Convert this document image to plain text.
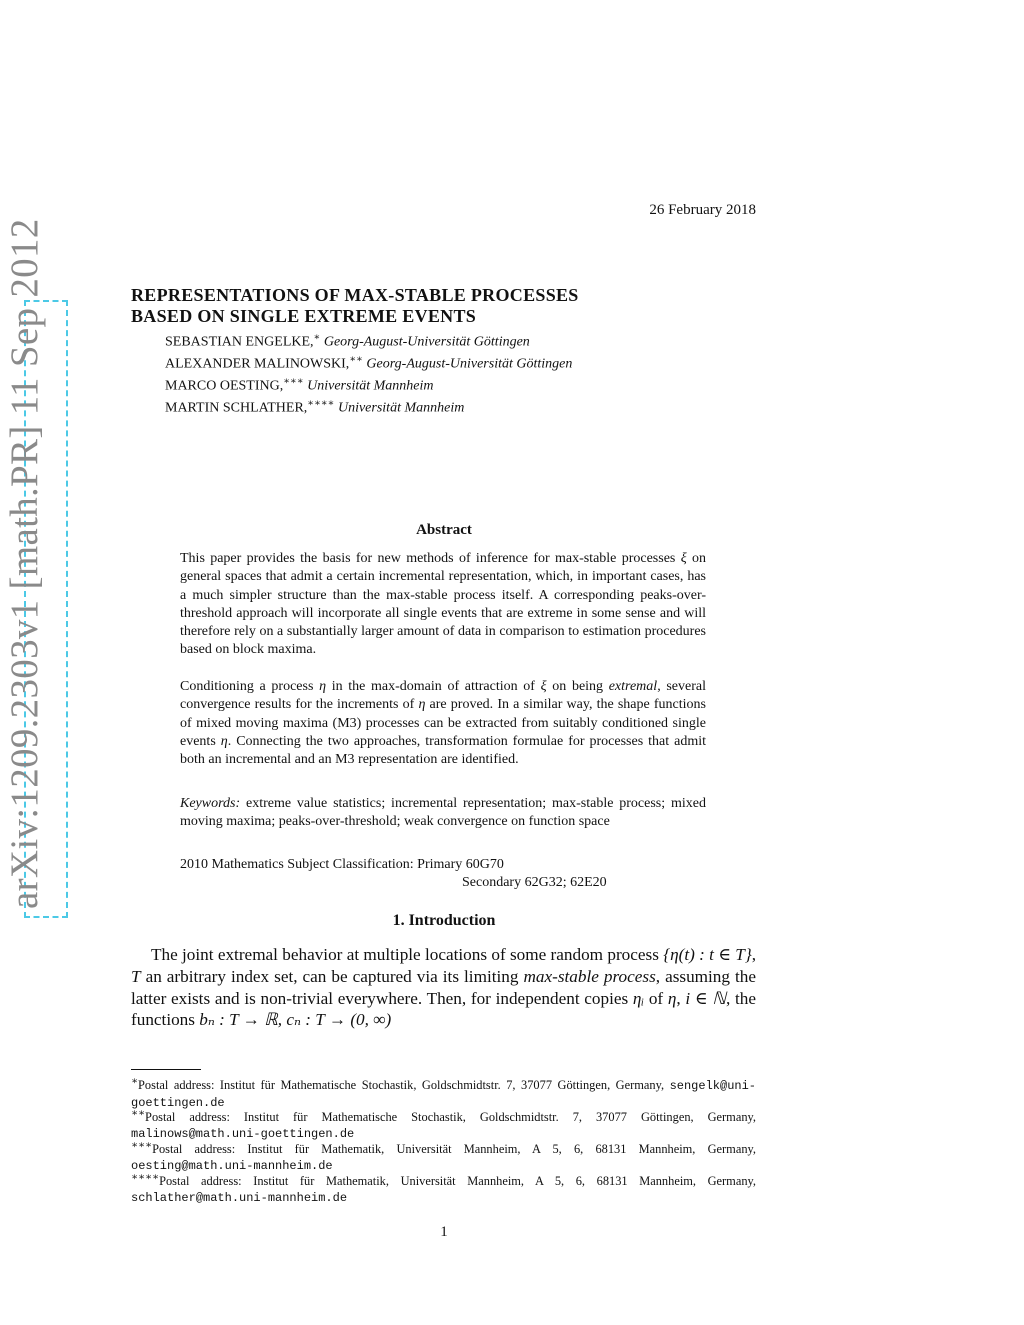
arXiv:1209.2303v1 [math.PR] 11 Sep 2012
26 February 2018
REPRESENTATIONS OF MAX-STABLE PROCESSES
BASED ON SINGLE EXTREME EVENTS
SEBASTIAN ENGELKE,∗ Georg-August-Universität Göttingen
ALEXANDER MALINOWSKI,∗∗ Georg-August-Universität Göttingen
MARCO OESTING,∗∗∗ Universität Mannheim
MARTIN SCHLATHER,∗∗∗∗ Universität Mannheim
Abstract
This paper provides the basis for new methods of inference for max-stable processes ξ on general spaces that admit a certain incremental representation, which, in important cases, has a much simpler structure than the max-stable process itself. A corresponding peaks-over-threshold approach will incorporate all single events that are extreme in some sense and will therefore rely on a substantially larger amount of data in comparison to estimation procedures based on block maxima.
Conditioning a process η in the max-domain of attraction of ξ on being extremal, several convergence results for the increments of η are proved. In a similar way, the shape functions of mixed moving maxima (M3) processes can be extracted from suitably conditioned single events η. Connecting the two approaches, transformation formulae for processes that admit both an incremental and an M3 representation are identified.
Keywords: extreme value statistics; incremental representation; max-stable process; mixed moving maxima; peaks-over-threshold; weak convergence on function space
2010 Mathematics Subject Classification: Primary 60G70
Secondary 62G32; 62E20
1. Introduction
The joint extremal behavior at multiple locations of some random process {η(t) : t ∈ T}, T an arbitrary index set, can be captured via its limiting max-stable process, assuming the latter exists and is non-trivial everywhere. Then, for independent copies ηᵢ of η, i ∈ ℕ, the functions bₙ : T → ℝ, cₙ : T → (0, ∞)
∗Postal address: Institut für Mathematische Stochastik, Goldschmidtstr. 7, 37077 Göttingen, Germany, sengelk@uni-goettingen.de
∗∗Postal address: Institut für Mathematische Stochastik, Goldschmidtstr. 7, 37077 Göttingen, Germany, malinows@math.uni-goettingen.de
∗∗∗Postal address: Institut für Mathematik, Universität Mannheim, A 5, 6, 68131 Mannheim, Germany, oesting@math.uni-mannheim.de
∗∗∗∗Postal address: Institut für Mathematik, Universität Mannheim, A 5, 6, 68131 Mannheim, Germany, schlather@math.uni-mannheim.de
1
